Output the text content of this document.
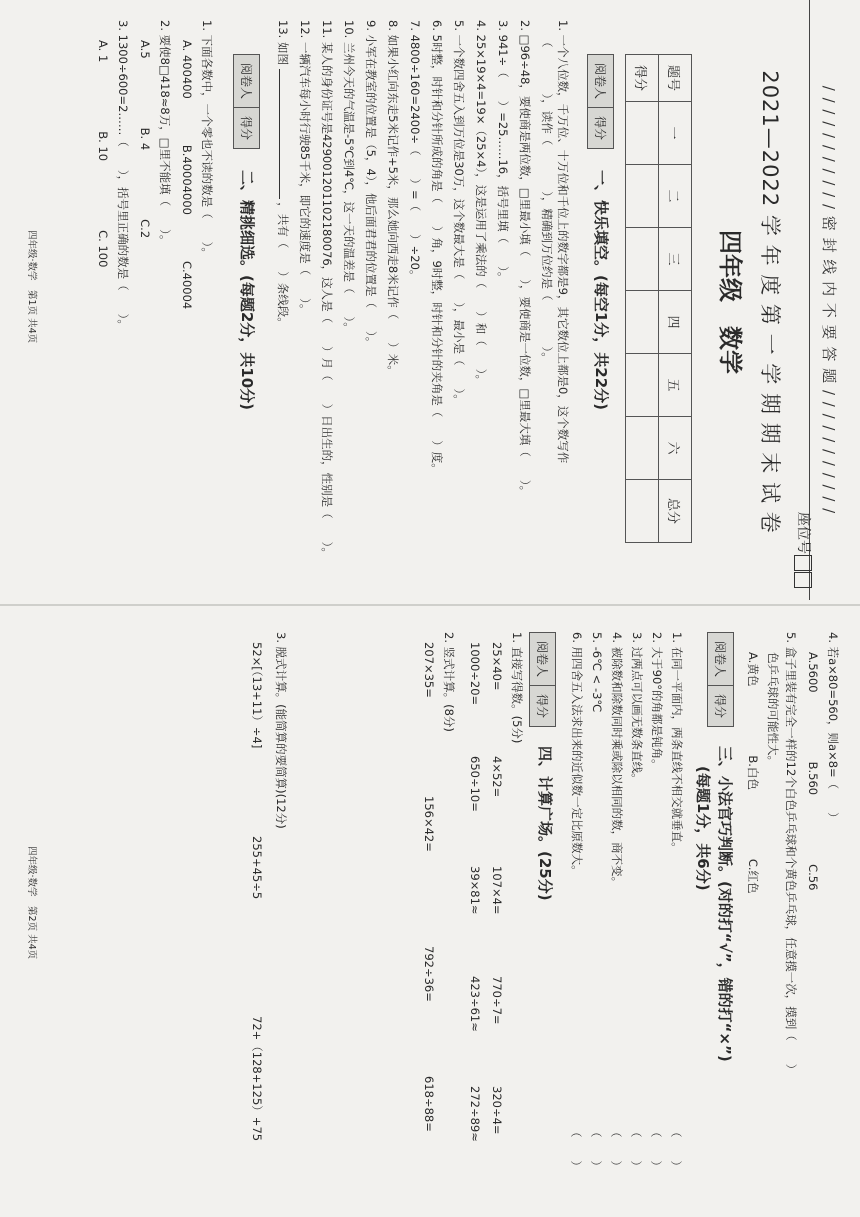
/ / / / / / / / / / / 密 封 线 内 不 要 答 题 / / / / / / / / / / /
座位号
2021—2022 学 年 度 第 一 学 期 期 末 试 卷
四年级　数学
题号	一	二	三	四	五	六	总分
得分							
阅卷人
得分
一、快乐填空。(每空1分，共22分)
1. 一个八位数，千万位、十万位和千位上的数字都是9，其它数位上都是0，这个数写作
（　　　　），读作（　　　　），精确到万位约是（　　　　）。
2. □96÷48，要使商是两位数，□里最小填（　　），要使商是一位数，□里最大填（　　）。
3. 941÷（　　）=25……16，括号里填（　　）。
4. 25×19×4=19×（25×4），这是运用了乘法的（　　）和（　　）。
5. 一个数四舍五入到万位是30万，这个数最大是（　　），最小是（　　）。
6. 5时整，时针和分针所成的角是（　　）角，9时整，时针和分针的夹角是（　　）度。
7. 4800÷160=2400÷（　　）=（　　）÷20。
8. 如果小红向东走5米记作+5米，那么她向西走8米记作（　　）米。
9. 小军在教室的位置是（5，4），他后面君君的位置是（　　）。
10. 兰州今天的气温是-5℃到4℃，这一天的温差是（　　）。
11. 某人的身份证号是429001201102180076，这人是（　　）月（　　）日出生的，性别是（　　）。
12. 一辆汽车每小时行驶85千米，即它的速度是（　　）。
13. 如图  ，共有（　　）条线段。
阅卷人
得分
二、精挑细选。(每题2分，共10分)
1. 下面各数中，一个零也不读的数是（　　）。
A. 400400　　　　B.40004000　　　　C.40004
2. 要使8□418≈8万，□里不能填（　　）。
A.5　　　　　　B. 4　　　　　　C.2
3. 1300÷600=2……（　　），括号里正确的数是（　　）。
A. 1　　　　　　B. 10　　　　　　C. 100
四年级·数学　第1页 共4页
4. 若a×80=560，则a×8=（　　）
A.5600　　　　　　B.560　　　　　　C.56
5. 盒子里装有完全一样的12个白色乒乓球和个黄色乒乓球，任意摸一次，摸到（　　）
色乒乓球的可能性大。
A.黄色　　　　　　B.白色　　　　　　C.红色
阅卷人
得分
三、小法官巧判断。(对的打“√”，错的打“×”)
(每题1分，共6分)
1. 在同一平面内，两条直线不相交就垂直。
（　　）
2. 大于90°的角都是钝角。
（　　）
3. 过两点可以画无数条直线。
（　　）
4. 被除数和除数同时乘或除以相同的数，商不变。
（　　）
5. -6℃ < -3℃
（　　）
6. 用四舍五入法求出来的近似数一定比原数大。
（　　）
阅卷人
得分
四、计算广场。(25分)
1. 直接写得数。(5分)
25×40=
4×52=
107×4=
770÷7=
320÷4=
1000÷20=
650÷10=
39×81≈
423÷61≈
272÷89≈
2. 竖式计算。(8分)
207×35=
156×42=
792÷36=
618÷88=
3. 脱式计算。(能简算的要简算)(12分)
52×[（13+11）÷4]
255+45÷5
72+（128+125）+75
四年级·数学　第2页 共4页
